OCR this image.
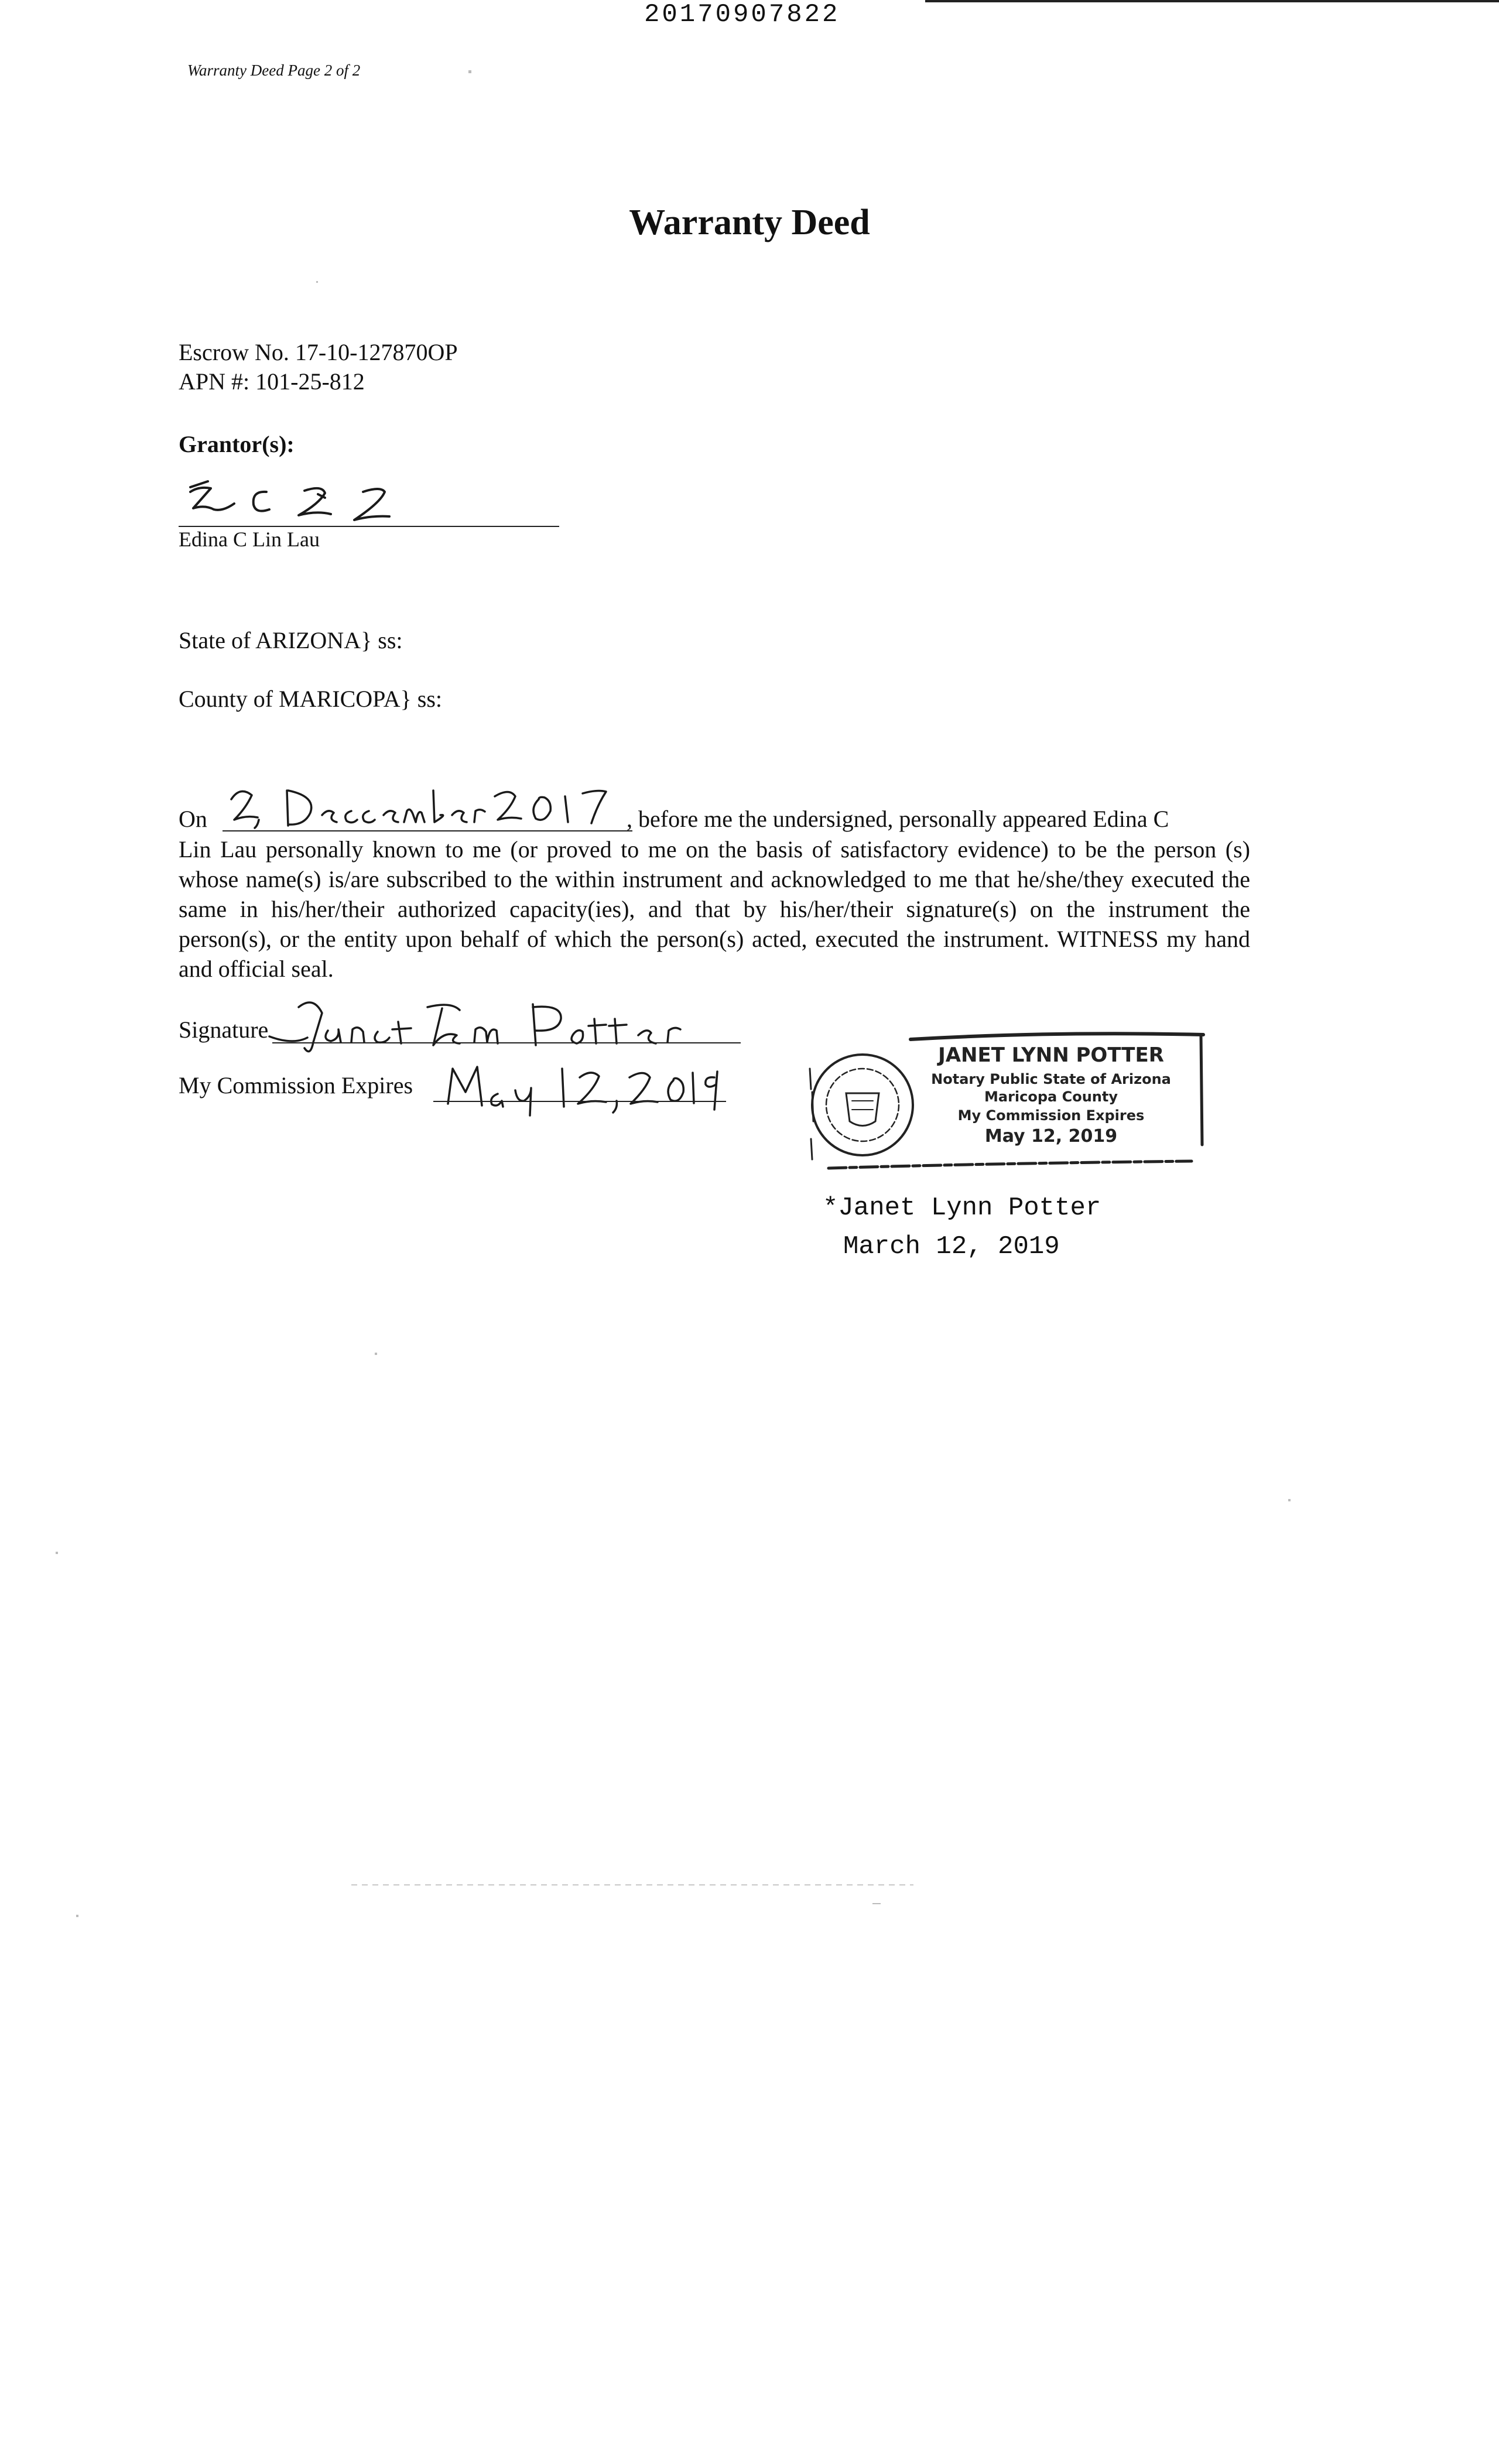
20170907822
Warranty Deed Page 2 of 2
Warranty Deed
Escrow No. 17-10-127870OP
APN #: 101-25-812
Grantor(s):
Edina C Lin Lau
State of ARIZONA} ss:
County of MARICOPA} ss:
On	, before me the undersigned, personally appeared Edina C
Lin Lau personally known to me (or proved to me on the basis of satisfactory evidence) to be the person (s) whose name(s) is/are subscribed to the within instrument and acknowledged to me that he/she/they executed the same in his/her/their authorized capacity(ies), and that by his/her/their signature(s) on the instrument the person(s), or the entity upon behalf of which the person(s) acted, executed the instrument. WITNESS my hand and official seal.
Signature
My Commission Expires
JANET LYNN POTTER
Notary Public State of Arizona
Maricopa County
My Commission Expires
May 12, 2019
*Janet Lynn Potter
March 12, 2019
